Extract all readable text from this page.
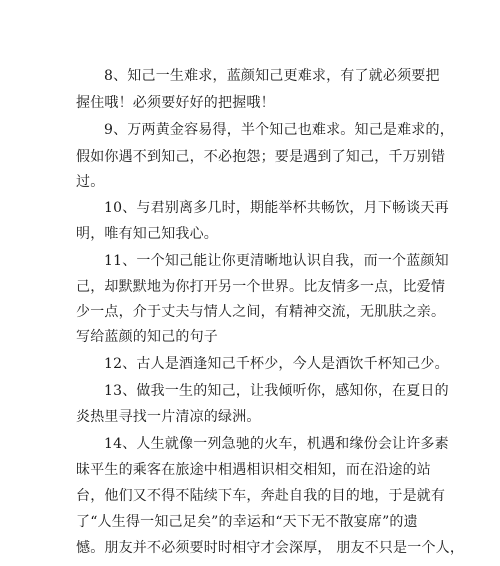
8、知己一生难求，蓝颜知己更难求，有了就必须要把
握住哦！必须要好好的把握哦！
9、万两黄金容易得，半个知己也难求。知己是难求的，
假如你遇不到知己，不必抱怨；要是遇到了知己，千万别错
过。
10、与君别离多几时，期能举杯共畅饮，月下畅谈天再
明，唯有知己知我心。
11、一个知己能让你更清晰地认识自我，而一个蓝颜知
己，却默默地为你打开另一个世界。比友情多一点，比爱情
少一点，介于丈夫与情人之间，有精神交流，无肌肤之亲。
写给蓝颜的知己的句子
12、古人是酒逢知己千杯少，今人是酒饮千杯知己少。
13、做我一生的知己，让我倾听你，感知你，在夏日的
炎热里寻找一片清凉的绿洲。
14、人生就像一列急驰的火车，机遇和缘份会让许多素
昧平生的乘客在旅途中相遇相识相交相知，而在沿途的站
台，他们又不得不陆续下车，奔赴自我的目的地，于是就有
了“人生得一知己足矣”的幸运和“天下无不散宴席”的遗
憾。朋友并不必须要时时相守才会深厚， 朋友不只是一个人，
